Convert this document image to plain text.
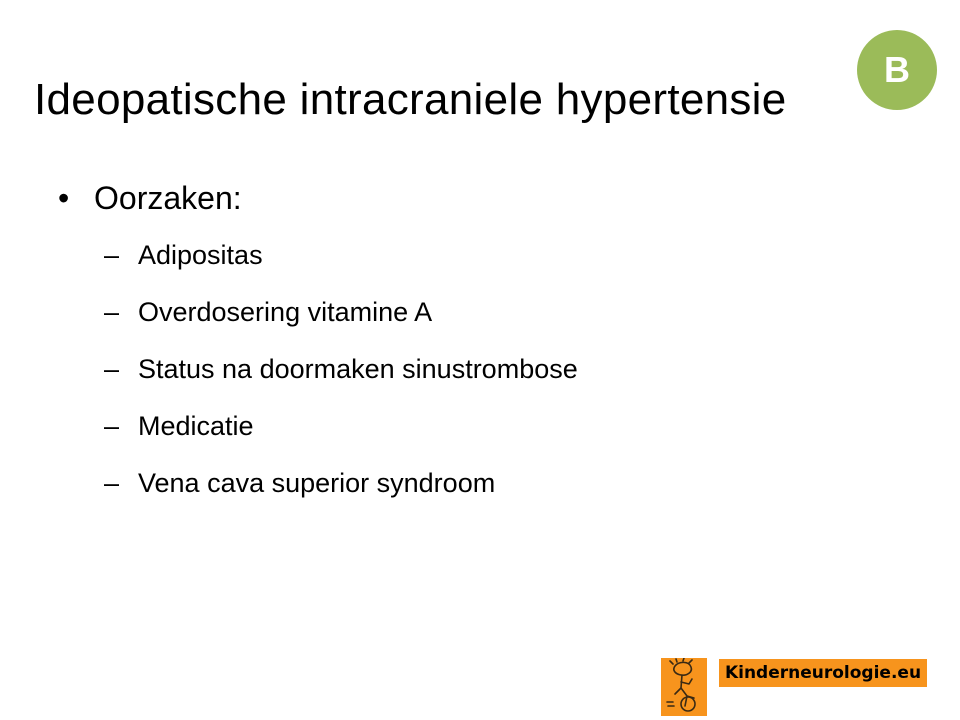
Ideopatische intracraniele hypertensie
B
• Oorzaken:
– Adipositas
– Overdosering vitamine A
– Status na doormaken sinustrombose
– Medicatie
– Vena cava superior syndroom
Kinderneurologie.eu
